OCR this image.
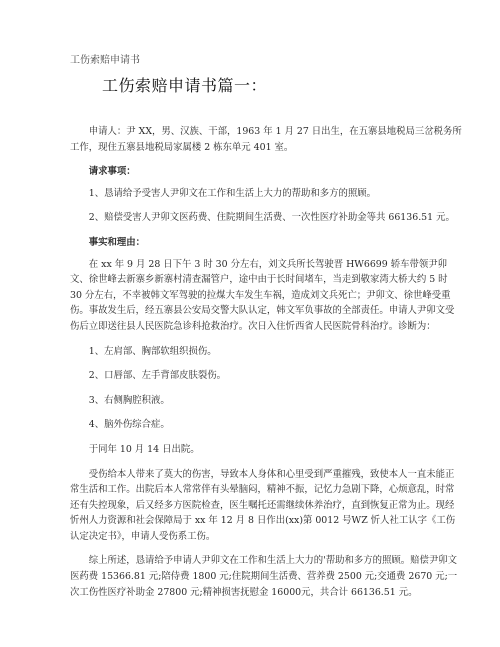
工伤索赔申请书
工伤索赔申请书篇一：

申请人：尹 XX，男、汉族、干部，1963 年 1 月 27 日出生，在五寨县地税局三岔税务所工作，现住五寨县地税局家属楼 2 栋东单元 401 室。

请求事项：

1、恳请给予受害人尹卯文在工作和生活上大力的帮助和多方的照顾。

2、赔偿受害人尹卯文医药费、住院期间生活费、一次性医疗补助金等共 66136.51 元。

事实和理由：

在 xx 年 9 月 28 日下午 3 时 30 分左右，刘文兵所长驾驶晋 HW6699 轿车带领尹卯文、徐世峰去新寨乡新寨村清查漏管户，途中由于长时间堵车，当走到敬家湾大桥大约 5 时 30 分左右，不幸被韩文军驾驶的拉煤大车发生车祸，造成刘文兵死亡；尹卯文、徐世峰受重伤。事故发生后，经五寨县公安局交警大队认定，韩文军负事故的全部责任。申请人尹卯文受伤后立即送往县人民医院急诊科抢救治疗。次日入住忻西省人民医院骨科治疗。诊断为：

1、左肩部、胸部软组织损伤。

2、口唇部、左手背部皮肤裂伤。

3、右侧胸腔积液。

4、脑外伤综合症。

于同年 10 月 14 日出院。

受伤给本人带来了莫大的伤害，导致本人身体和心里受到严重摧残，致使本人一直未能正常生活和工作。出院后本人常常伴有头晕脑闷，精神不振，记忆力急剧下降，心烦意乱，时常还有失控现象，后又经多方医院检查，医生嘱托还需继续休养治疗，直到恢复正常为止。现经忻州人力资源和社会保障局于 xx 年 12 月 8 日作出(xx)第 0012 号WZ 忻人社工认字《工伤认定决定书》，申请人受伤系工伤。

综上所述，恳请给予申请人尹卯文在工作和生活上大力的'帮助和多方的照顾。赔偿尹卯文医药费 15366.81 元;陪侍费 1800 元;住院期间生活费、营养费 2500 元;交通费 2670 元;一次工伤性医疗补助金 27800 元;精神损害抚慰金 16000元，共合计 66136.51 元。
